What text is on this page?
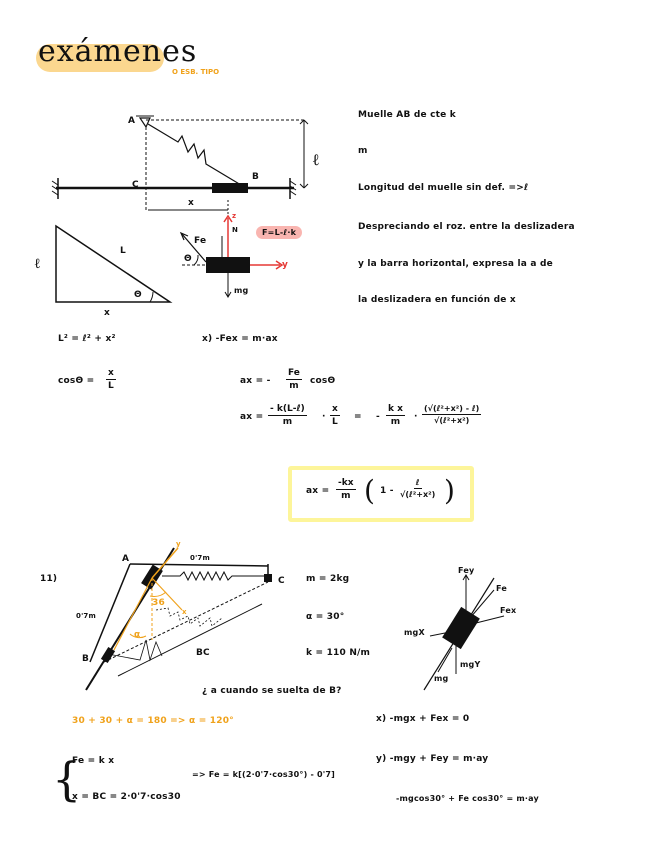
exámenes
O ESB. TIPO
A
B
C
ℓ
x
Muelle AB de cte k
m
Longitud del muelle sin def. =>ℓ
Despreciando el roz. entre la deslizadera
y la barra horizontal, expresa la a de
la deslizadera en función de x
L
ℓ
x
Θ
Fe
Θ
N
mg
y
z
F=L-ℓ·k
L² = ℓ² + x²
$\cos\Theta = \frac{x}{L}$
x) -Fex = m·ax
ax = - $\frac{Fe}{m}$ cosΘ
ax =
- k(L-ℓ)
m	· $\frac{x}{L}$ = - $\frac{\text{k x}}{m}$ ·
(√(ℓ²+x²) - ℓ)
√(ℓ²+x²)
ax = $\frac{-kx}{m}$ ( 1 -
ℓ
√(ℓ²+x²) )
11)
A
C
B
0'7m
0'7m
BC
36
α
y
x
m = 2kg
α = 30°
k = 110 N/m
¿ a cuando se suelta de B?
30 + 30 + α = 180 => α = 120°
Fey
Fe
Fex
mgX
mgY
mg
x) -mgx + Fex = 0
y) -mgy + Fey = m·ay
-mgcos30° + Fe cos30° = m·ay
{
Fe = k x
=> Fe = k[(2·0'7·cos30°) - 0'7]
x = BC = 2·0'7·cos30
